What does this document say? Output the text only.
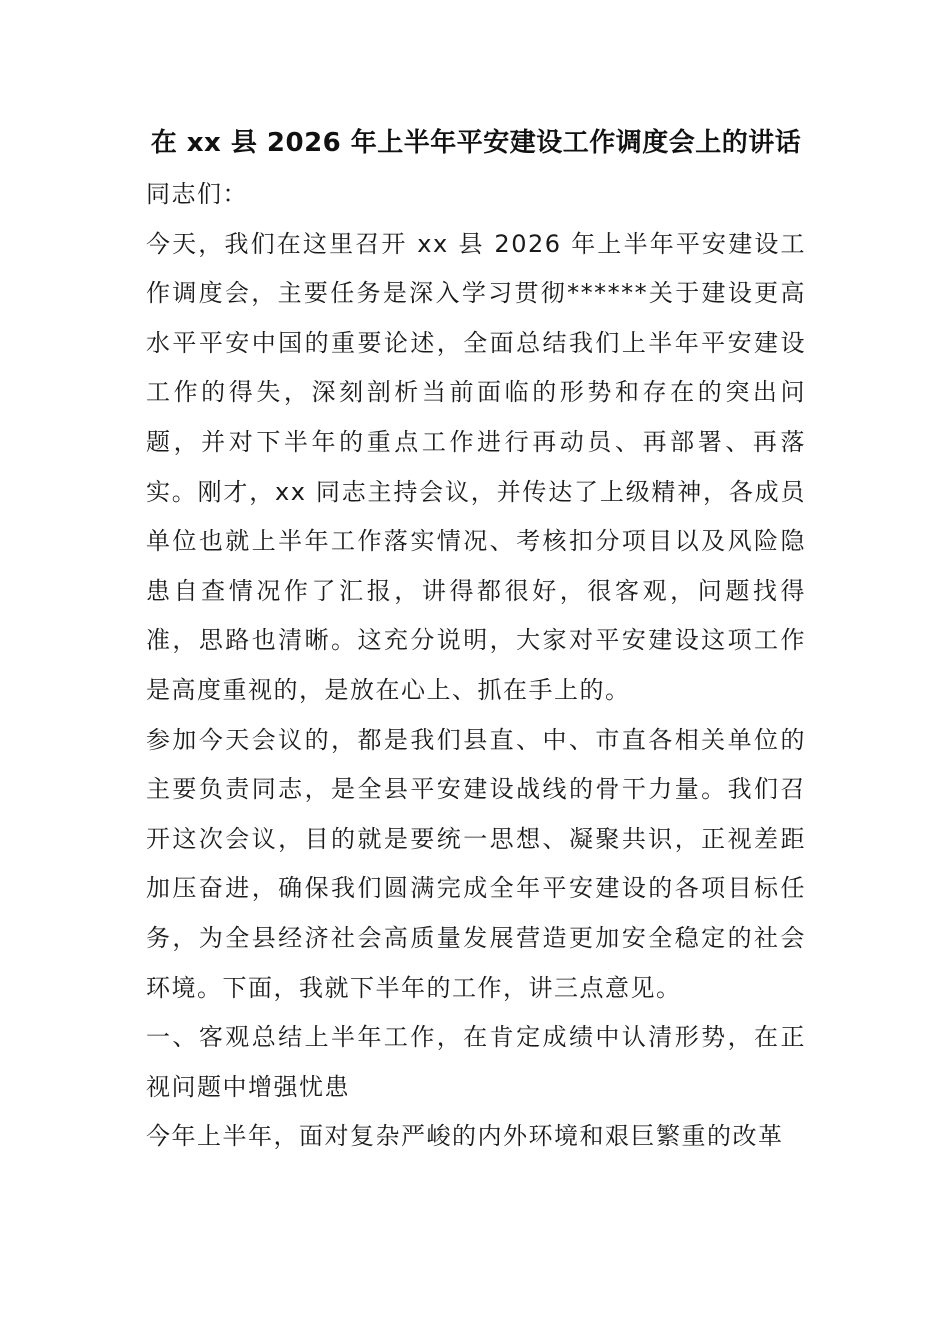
在 xx 县 2026 年上半年平安建设工作调度会上的讲话

同志们：

今天，我们在这里召开 xx 县 2026 年上半年平安建设工作调度会，主要任务是深入学习贯彻******关于建设更高水平平安中国的重要论述，全面总结我们上半年平安建设工作的得失，深刻剖析当前面临的形势和存在的突出问题，并对下半年的重点工作进行再动员、再部署、再落实。刚才，xx 同志主持会议，并传达了上级精神，各成员单位也就上半年工作落实情况、考核扣分项目以及风险隐患自查情况作了汇报，讲得都很好，很客观，问题找得准，思路也清晰。这充分说明，大家对平安建设这项工作是高度重视的，是放在心上、抓在手上的。

参加今天会议的，都是我们县直、中、市直各相关单位的主要负责同志，是全县平安建设战线的骨干力量。我们召开这次会议，目的就是要统一思想、凝聚共识，正视差距加压奋进，确保我们圆满完成全年平安建设的各项目标任务，为全县经济社会高质量发展营造更加安全稳定的社会环境。下面，我就下半年的工作，讲三点意见。

一、客观总结上半年工作，在肯定成绩中认清形势，在正视问题中增强忧患

今年上半年，面对复杂严峻的内外环境和艰巨繁重的改革
